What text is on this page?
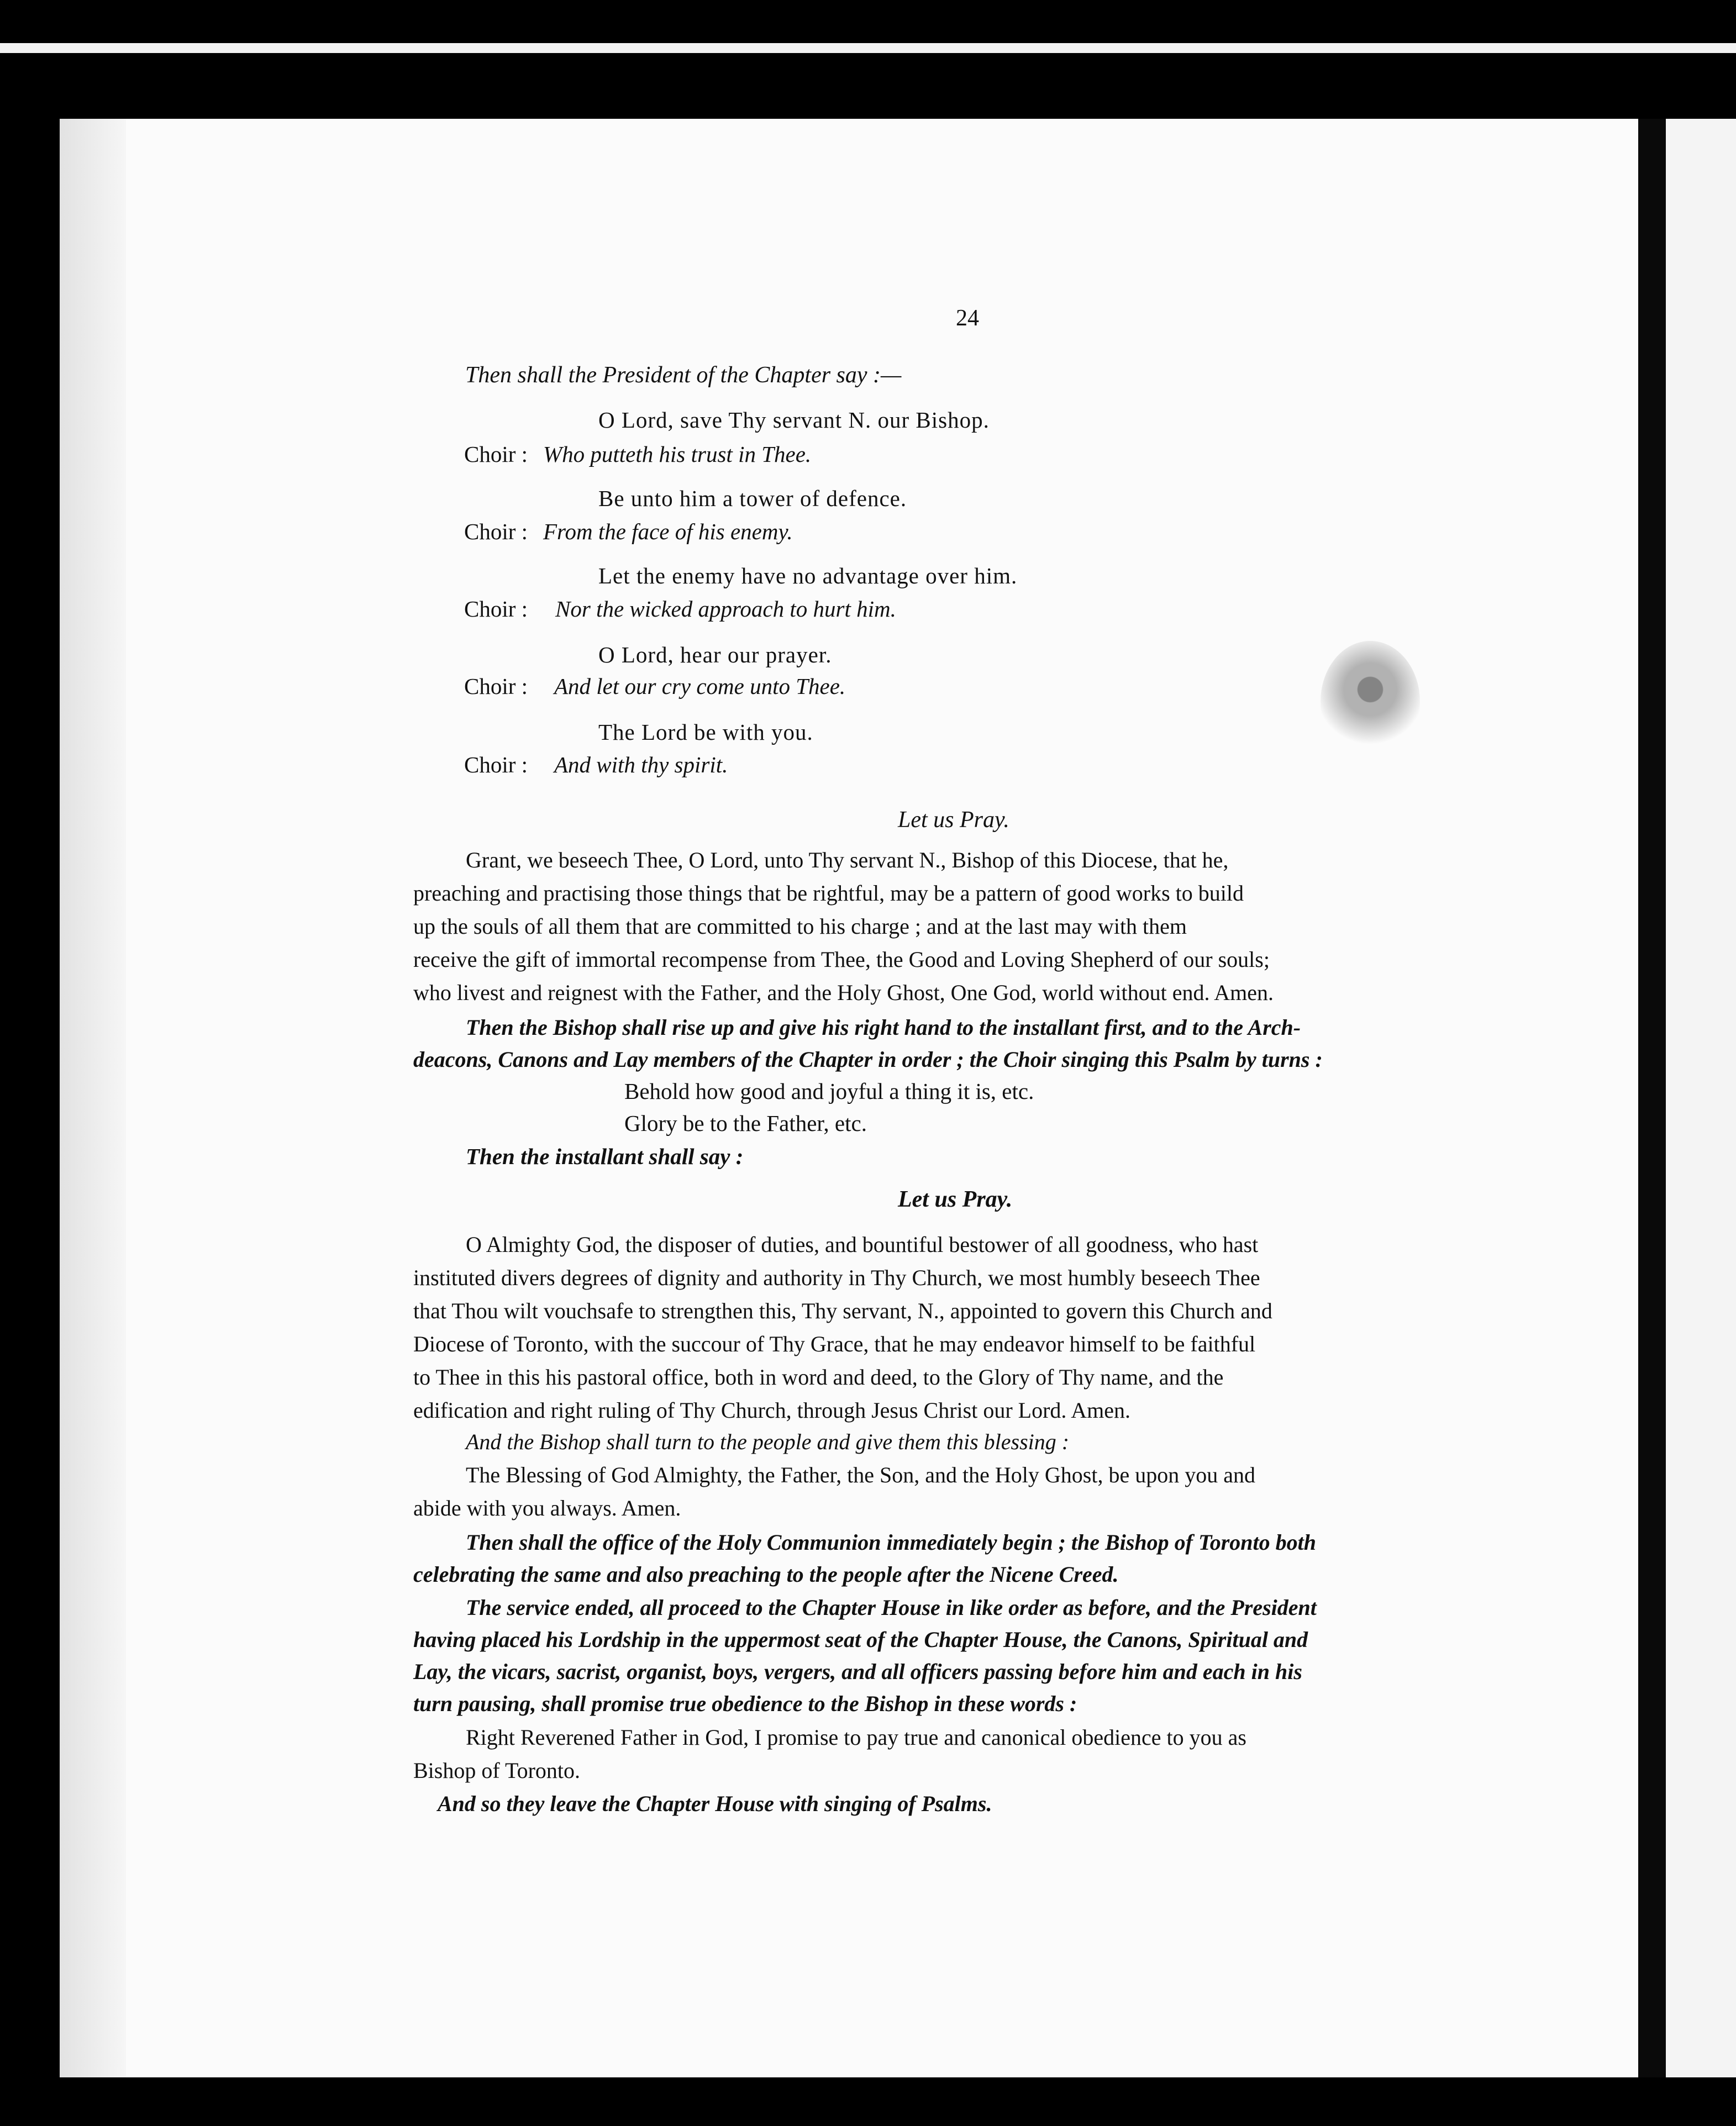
24
Then shall the President of the Chapter say :—
O Lord, save Thy servant N. our Bishop.
Choir : Who putteth his trust in Thee.
Be unto him a tower of defence.
Choir : From the face of his enemy.
Let the enemy have no advantage over him.
Choir : Nor the wicked approach to hurt him.
O Lord, hear our prayer.
Choir : And let our cry come unto Thee.
The Lord be with you.
Choir : And with thy spirit.
Let us Pray.
Grant, we beseech Thee, O Lord, unto Thy servant N., Bishop of this Diocese, that he,
preaching and practising those things that be rightful, may be a pattern of good works to build
up the souls of all them that are committed to his charge ; and at the last may with them
receive the gift of immortal recompense from Thee, the Good and Loving Shepherd of our souls;
who livest and reignest with the Father, and the Holy Ghost, One God, world without end. Amen.
Then the Bishop shall rise up and give his right hand to the installant first, and to the Arch-
deacons, Canons and Lay members of the Chapter in order ; the Choir singing this Psalm by turns :
Behold how good and joyful a thing it is, etc.
Glory be to the Father, etc.
Then the installant shall say :
Let us Pray.
O Almighty God, the disposer of duties, and bountiful bestower of all goodness, who hast
instituted divers degrees of dignity and authority in Thy Church, we most humbly beseech Thee
that Thou wilt vouchsafe to strengthen this, Thy servant, N., appointed to govern this Church and
Diocese of Toronto, with the succour of Thy Grace, that he may endeavor himself to be faithful
to Thee in this his pastoral office, both in word and deed, to the Glory of Thy name, and the
edification and right ruling of Thy Church, through Jesus Christ our Lord. Amen.
And the Bishop shall turn to the people and give them this blessing :
The Blessing of God Almighty, the Father, the Son, and the Holy Ghost, be upon you and
abide with you always. Amen.
Then shall the office of the Holy Communion immediately begin ; the Bishop of Toronto both
celebrating the same and also preaching to the people after the Nicene Creed.
The service ended, all proceed to the Chapter House in like order as before, and the President
having placed his Lordship in the uppermost seat of the Chapter House, the Canons, Spiritual and
Lay, the vicars, sacrist, organist, boys, vergers, and all officers passing before him and each in his
turn pausing, shall promise true obedience to the Bishop in these words :
Right Reverened Father in God, I promise to pay true and canonical obedience to you as
Bishop of Toronto.
And so they leave the Chapter House with singing of Psalms.
